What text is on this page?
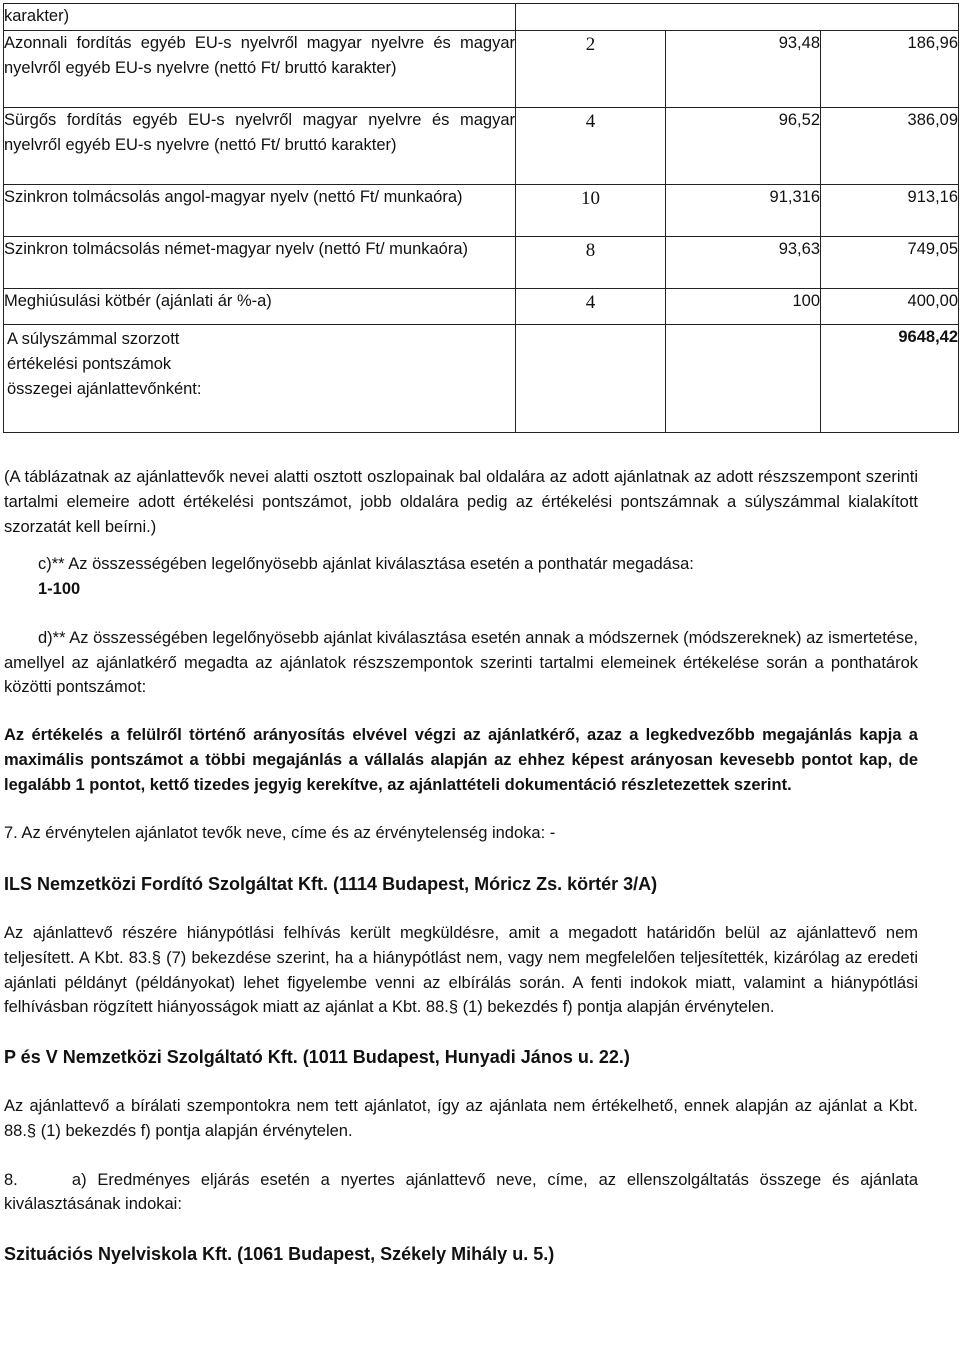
karakter)			
Azonnali fordítás egyéb EU-s nyelvről magyar nyelvre és magyar nyelvről egyéb EU-s nyelvre (nettó Ft/ bruttó karakter)	2	93,48	186,96
Sürgős fordítás egyéb EU-s nyelvről magyar nyelvre és magyar nyelvről egyéb EU-s nyelvre (nettó Ft/ bruttó karakter)	4	96,52	386,09
Szinkron tolmácsolás angol-magyar nyelv (nettó Ft/ munkaóra)	10	91,316	913,16
Szinkron tolmácsolás német-magyar nyelv (nettó Ft/ munkaóra)	8	93,63	749,05
Meghiúsulási kötbér (ajánlati ár %-a)	4	100	400,00

A súlyszámmal szorzott értékelési pontszámok összegei ajánlattevőnként:			9648,42

(A táblázatnak az ajánlattevők nevei alatti osztott oszlopainak bal oldalára az adott ajánlatnak az adott részszempont szerinti tartalmi elemeire adott értékelési pontszámot, jobb oldalára pedig az értékelési pontszámnak a súlyszámmal kialakított szorzatát kell beírni.)

c)** Az összességében legelőnyösebb ajánlat kiválasztása esetén a ponthatár megadása:

1-100

d)** Az összességében legelőnyösebb ajánlat kiválasztása esetén annak a módszernek (módszereknek) az ismertetése, amellyel az ajánlatkérő megadta az ajánlatok részszempontok szerinti tartalmi elemeinek értékelése során a ponthatárok közötti pontszámot:

Az értékelés a felülről történő arányosítás elvével végzi az ajánlatkérő, azaz a legkedvezőbb megajánlás kapja a maximális pontszámot a többi megajánlás a vállalás alapján az ehhez képest arányosan kevesebb pontot kap, de legalább 1 pontot, kettő tizedes jegyig kerekítve, az ajánlattételi dokumentáció részletezettek szerint.

7. Az érvénytelen ajánlatot tevők neve, címe és az érvénytelenség indoka: -

ILS Nemzetközi Fordító Szolgáltat Kft. (1114 Budapest, Móricz Zs. körtér 3/A)

Az ajánlattevő részére hiánypótlási felhívás került megküldésre, amit a megadott határidőn belül az ajánlattevő nem teljesített. A Kbt. 83.§ (7) bekezdése szerint, ha a hiánypótlást nem, vagy nem megfelelően teljesítették, kizárólag az eredeti ajánlati példányt (példányokat) lehet figyelembe venni az elbírálás során. A fenti indokok miatt, valamint a hiánypótlási felhívásban rögzített hiányosságok miatt az ajánlat a Kbt. 88.§ (1) bekezdés f) pontja alapján érvénytelen.

P és V Nemzetközi Szolgáltató Kft. (1011 Budapest, Hunyadi János u. 22.)

Az ajánlattevő a bírálati szempontokra nem tett ajánlatot, így az ajánlata nem értékelhető, ennek alapján az ajánlat a Kbt. 88.§ (1) bekezdés f) pontja alapján érvénytelen.

8.     a) Eredményes eljárás esetén a nyertes ajánlattevő neve, címe, az ellenszolgáltatás összege és ajánlata kiválasztásának indokai:

Szituációs Nyelviskola Kft. (1061 Budapest, Székely Mihály u. 5.)
